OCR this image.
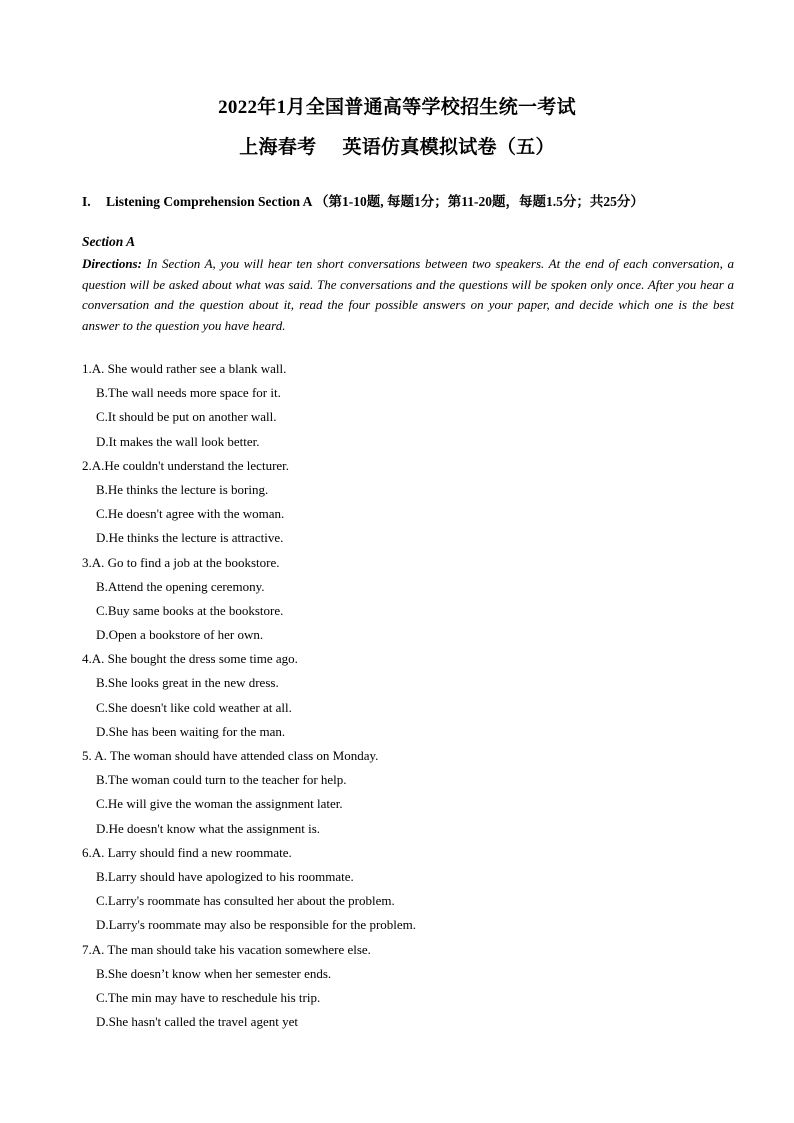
2022年1月全国普通高等学校招生统一考试
上海春考 英语仿真模拟试卷（五）
I. Listening Comprehension Section A （第1-10题, 每题1分；第11-20题，每题1.5分；共25分）
Section A
Directions: In Section A, you will hear ten short conversations between two speakers. At the end of each conversation, a question will be asked about what was said. The conversations and the questions will be spoken only once. After you hear a conversation and the question about it, read the four possible answers on your paper, and decide which one is the best answer to the question you have heard.
1.A. She would rather see a blank wall.
B.The wall needs more space for it.
C.It should be put on another wall.
D.It makes the wall look better.
2.A.He couldn't understand the lecturer.
B.He thinks the lecture is boring.
C.He doesn't agree with the woman.
D.He thinks the lecture is attractive.
3.A. Go to find a job at the bookstore.
B.Attend the opening ceremony.
C.Buy same books at the bookstore.
D.Open a bookstore of her own.
4.A. She bought the dress some time ago.
B.She looks great in the new dress.
C.She doesn't like cold weather at all.
D.She has been waiting for the man.
5. A. The woman should have attended class on Monday.
B.The woman could turn to the teacher for help.
C.He will give the woman the assignment later.
D.He doesn't know what the assignment is.
6.A. Larry should find a new roommate.
B.Larry should have apologized to his roommate.
C.Larry's roommate has consulted her about the problem.
D.Larry's roommate may also be responsible for the problem.
7.A. The man should take his vacation somewhere else.
B.She doesn’t know when her semester ends.
C.The min may have to reschedule his trip.
D.She hasn't called the travel agent yet
